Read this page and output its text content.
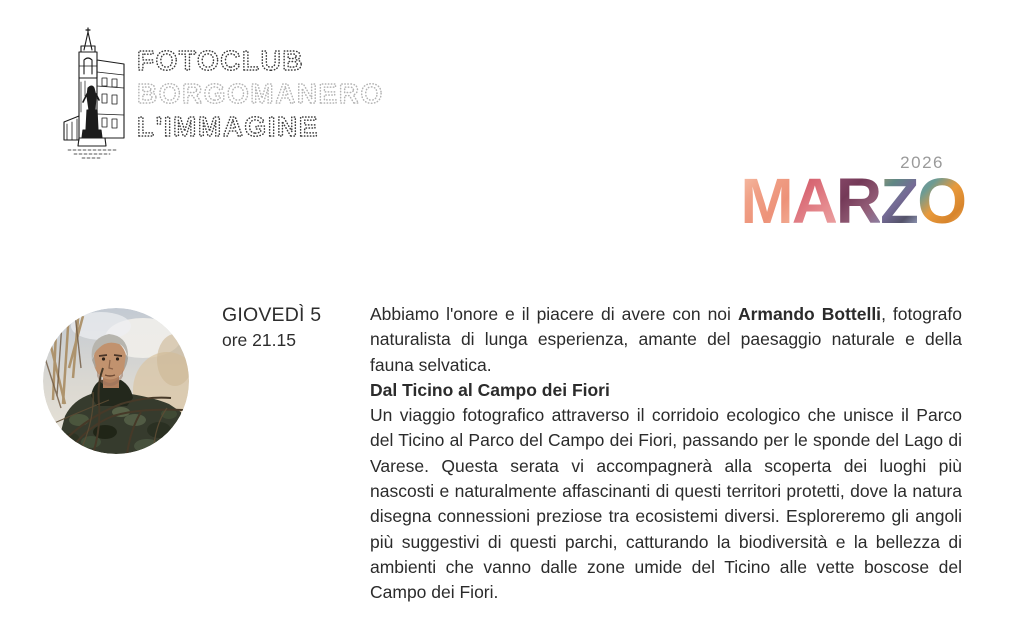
FOTOCLUB
BORGOMANERO
L'IMMAGINE
2026
MARZO
GIOVEDÌ 5
ore 21.15

Abbiamo l'onore e il piacere di avere con noi Armando Bottelli, fotografo naturalista di lunga esperienza, amante del paesaggio naturale e della fauna selvatica.

Dal Ticino al Campo dei Fiori

Un viaggio fotografico attraverso il corridoio ecologico che unisce il Parco del Ticino al Parco del Campo dei Fiori, passando per le sponde del Lago di Varese. Questa serata vi accompagnerà alla scoperta dei luoghi più nascosti e naturalmente affascinanti di questi territori protetti, dove la natura disegna connessioni preziose tra ecosistemi diversi. Esploreremo gli angoli più suggestivi di questi parchi, catturando la biodiversità e la bellezza di ambienti che vanno dalle zone umide del Ticino alle vette boscose del Campo dei Fiori.
